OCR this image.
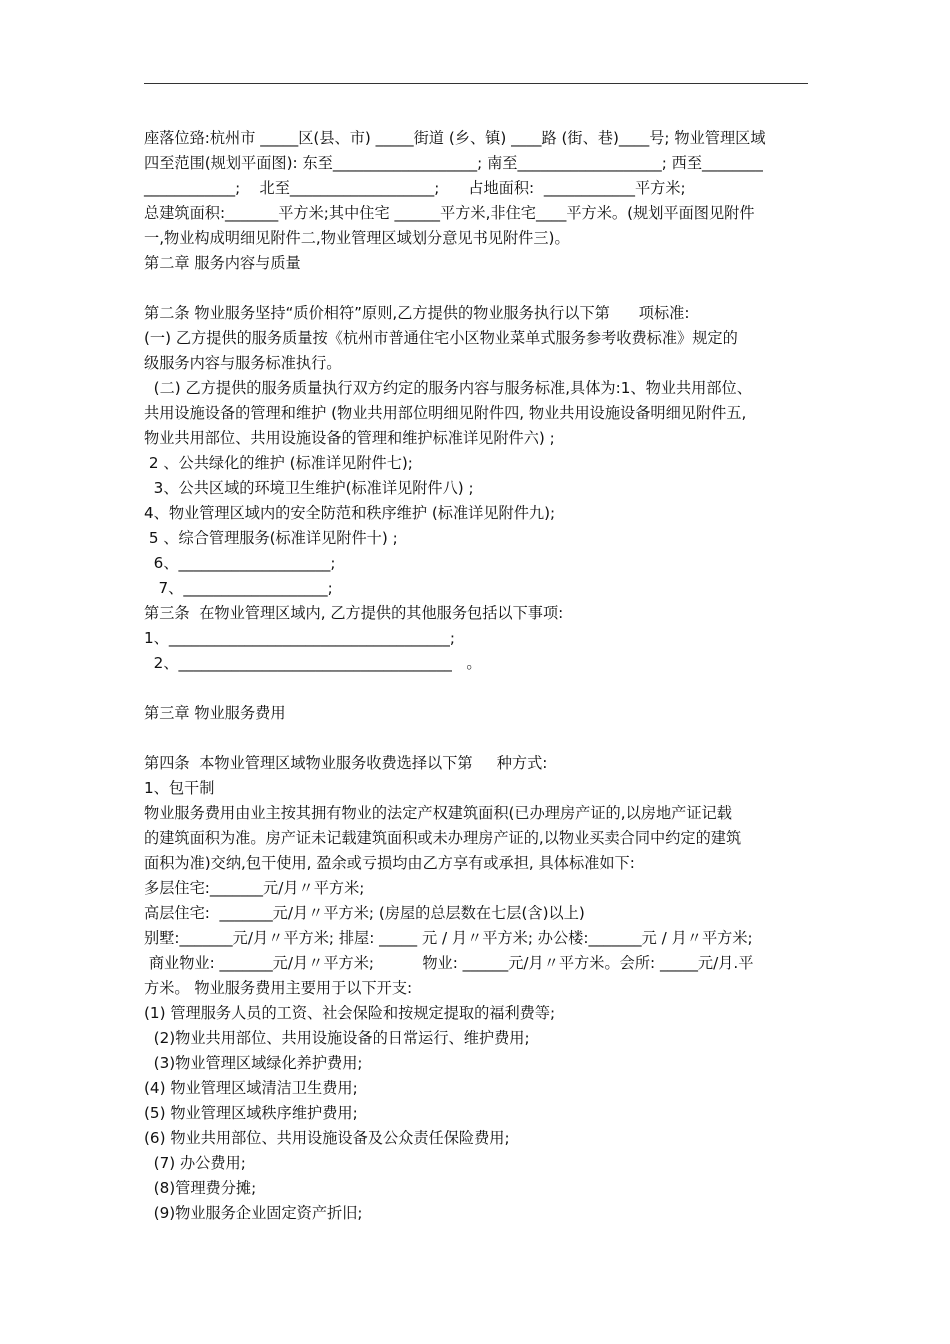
座落位臵:杭州市 _____区(县、市) _____街道 (乡、镇) ____路 (街、巷)____号; 物业管理区域
四至范围(规划平面图): 东至___________________; 南至___________________; 西至________
____________;    北至___________________;      占地面积:  ____________平方米;
总建筑面积:_______平方米;其中住宅 ______平方米,非住宅____平方米。(规划平面图见附件
一,物业构成明细见附件二,物业管理区域划分意见书见附件三)。
第二章 服务内容与质量
第二条 物业服务坚持“质价相符”原则,乙方提供的物业服务执行以下第      项标准:
(一) 乙方提供的服务质量按《杭州市普通住宅小区物业菜单式服务参考收费标准》规定的
级服务内容与服务标准执行。
(二) 乙方提供的服务质量执行双方约定的服务内容与服务标准,具体为:1、物业共用部位、
共用设施设备的管理和维护 (物业共用部位明细见附件四, 物业共用设施设备明细见附件五,
物业共用部位、共用设施设备的管理和维护标准详见附件六) ;
2 、公共绿化的维护 (标准详见附件七);
3、公共区域的环境卫生维护(标准详见附件八) ;
4、物业管理区域内的安全防范和秩序维护 (标准详见附件九);
5 、综合管理服务(标准详见附件十) ;
6、____________________;
7、___________________;
第三条  在物业管理区域内, 乙方提供的其他服务包括以下事项:
1、_____________________________________;
2、____________________________________   。
第三章 物业服务费用
第四条  本物业管理区域物业服务收费选择以下第     种方式:
1、包干制
物业服务费用由业主按其拥有物业的法定产权建筑面积(已办理房产证的,以房地产证记载
的建筑面积为准。房产证未记载建筑面积或未办理房产证的,以物业买卖合同中约定的建筑
面积为准)交纳,包干使用, 盈余或亏损均由乙方享有或承担, 具体标准如下:
多层住宅:_______元/月〃平方米;
高层住宅:  _______元/月〃平方米; (房屋的总层数在七层(含)以上)
别墅:_______元/月〃平方米; 排屋: _____ 元 / 月〃平方米; 办公楼:_______元 / 月〃平方米;
商业物业: _______元/月〃平方米;          物业: ______元/月〃平方米。会所: _____元/月.平
方米。 物业服务费用主要用于以下开支:
(1) 管理服务人员的工资、社会保险和按规定提取的福利费等;
(2)物业共用部位、共用设施设备的日常运行、维护费用;
(3)物业管理区域绿化养护费用;
(4) 物业管理区域清洁卫生费用;
(5) 物业管理区域秩序维护费用;
(6) 物业共用部位、共用设施设备及公众责任保险费用;
(7) 办公费用;
(8)管理费分摊;
(9)物业服务企业固定资产折旧;
